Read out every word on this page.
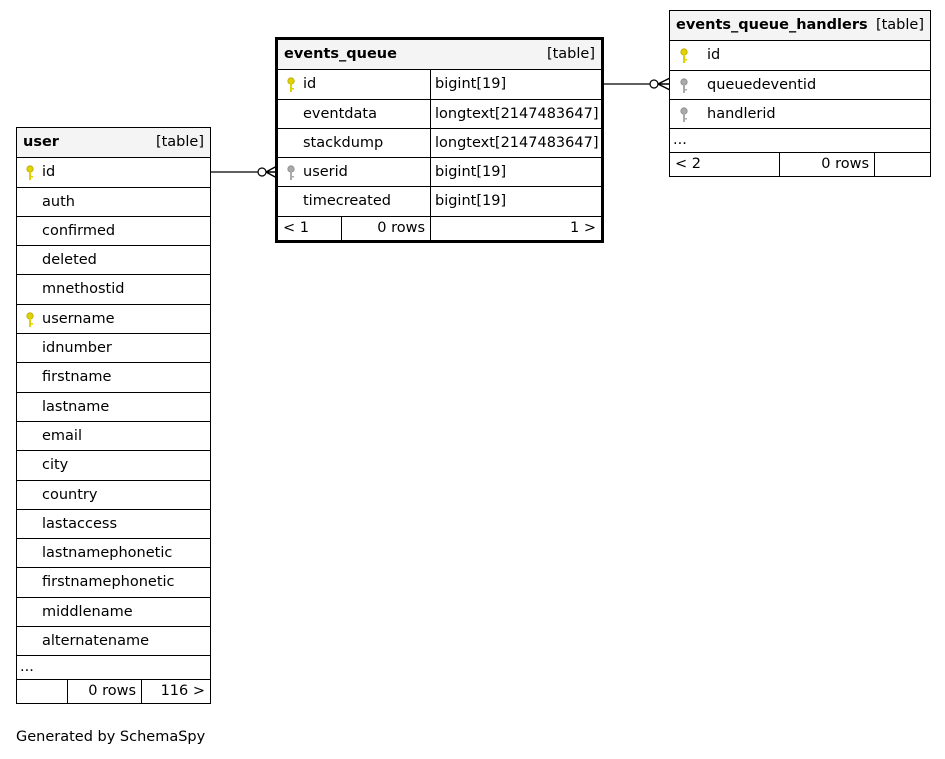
user	[table]
id
auth
confirmed
deleted
mnethostid
username
idnumber
firstname
lastname
email
city
country
lastaccess
lastnamephonetic
firstnamephonetic
middlename
alternatename
...
0 rows	116 >
events_queue	[table]
id	bigint[19]
eventdata	longtext[2147483647]
stackdump	longtext[2147483647]
userid	bigint[19]
timecreated	bigint[19]
< 1	0 rows	1 >
events_queue_handlers [table]
id
queuedeventid
handlerid
...
< 2	0 rows
Generated by SchemaSpy
